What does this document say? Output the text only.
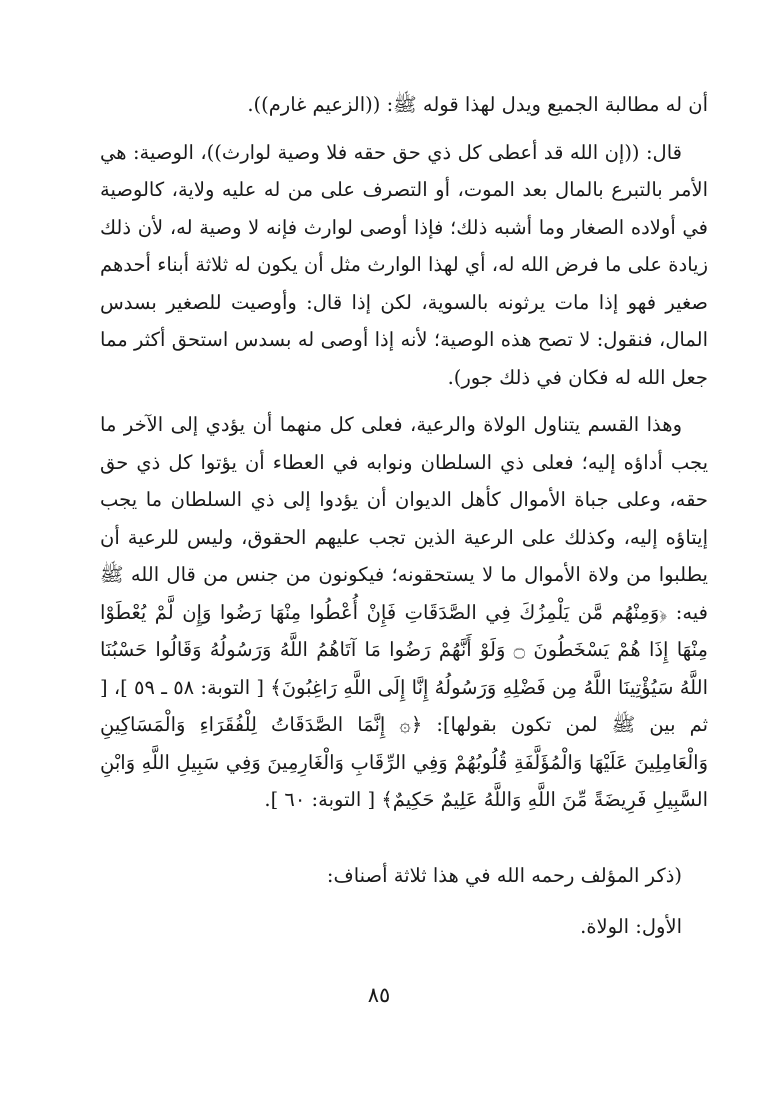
أن له مطالبة الجميع ويدل لهذا قوله ﷺ: ((الزعيم غارم)).

قال: ((إن الله قد أعطى كل ذي حق حقه فلا وصية لوارث))، الوصية: هي الأمر بالتبرع بالمال بعد الموت، أو التصرف على من له عليه ولاية، كالوصية في أولاده الصغار وما أشبه ذلك؛ فإذا أوصى لوارث فإنه لا وصية له، لأن ذلك زيادة على ما فرض الله له، أي لهذا الوارث مثل أن يكون له ثلاثة أبناء أحدهم صغير فهو إذا مات يرثونه بالسوية، لكن إذا قال: وأوصيت للصغير بسدس المال، فنقول: لا تصح هذه الوصية؛ لأنه إذا أوصى له بسدس استحق أكثر مما جعل الله له فكان في ذلك جور).

وهذا القسم يتناول الولاة والرعية، فعلى كل منهما أن يؤدي إلى الآخر ما يجب أداؤه إليه؛ فعلى ذي السلطان ونوابه في العطاء أن يؤتوا كل ذي حق حقه، وعلى جباة الأموال كأهل الديوان أن يؤدوا إلى ذي السلطان ما يجب إيتاؤه إليه، وكذلك على الرعية الذين تجب عليهم الحقوق، وليس للرعية أن يطلبوا من ولاة الأموال ما لا يستحقونه؛ فيكونون من جنس من قال الله ﷺ فيه: ﴿وَمِنْهُم مَّن يَلْمِزُكَ فِي الصَّدَقَاتِ فَإِنْ أُعْطُوا مِنْهَا رَضُوا وَإِن لَّمْ يُعْطَوْا مِنْهَا إِذَا هُمْ يَسْخَطُونَ ۝ وَلَوْ أَنَّهُمْ رَضُوا مَا آتَاهُمُ اللَّهُ وَرَسُولُهُ وَقَالُوا حَسْبُنَا اللَّهُ سَيُؤْتِينَا اللَّهُ مِن فَضْلِهِ وَرَسُولُهُ إِنَّا إِلَى اللَّهِ رَاغِبُونَ﴾ [ التوبة: ٥٨ ـ ٥٩ ]، [ ثم بين ﷺ لمن تكون بقولها]: ﴿۞ إِنَّمَا الصَّدَقَاتُ لِلْفُقَرَاءِ وَالْمَسَاكِينِ وَالْعَامِلِينَ عَلَيْهَا وَالْمُؤَلَّفَةِ قُلُوبُهُمْ وَفِي الرِّقَابِ وَالْغَارِمِينَ وَفِي سَبِيلِ اللَّهِ وَابْنِ السَّبِيلِ فَرِيضَةً مِّنَ اللَّهِ وَاللَّهُ عَلِيمٌ حَكِيمٌ﴾ [ التوبة: ٦٠ ].

(ذكر المؤلف رحمه الله في هذا ثلاثة أصناف:

الأول: الولاة.

٨٥
